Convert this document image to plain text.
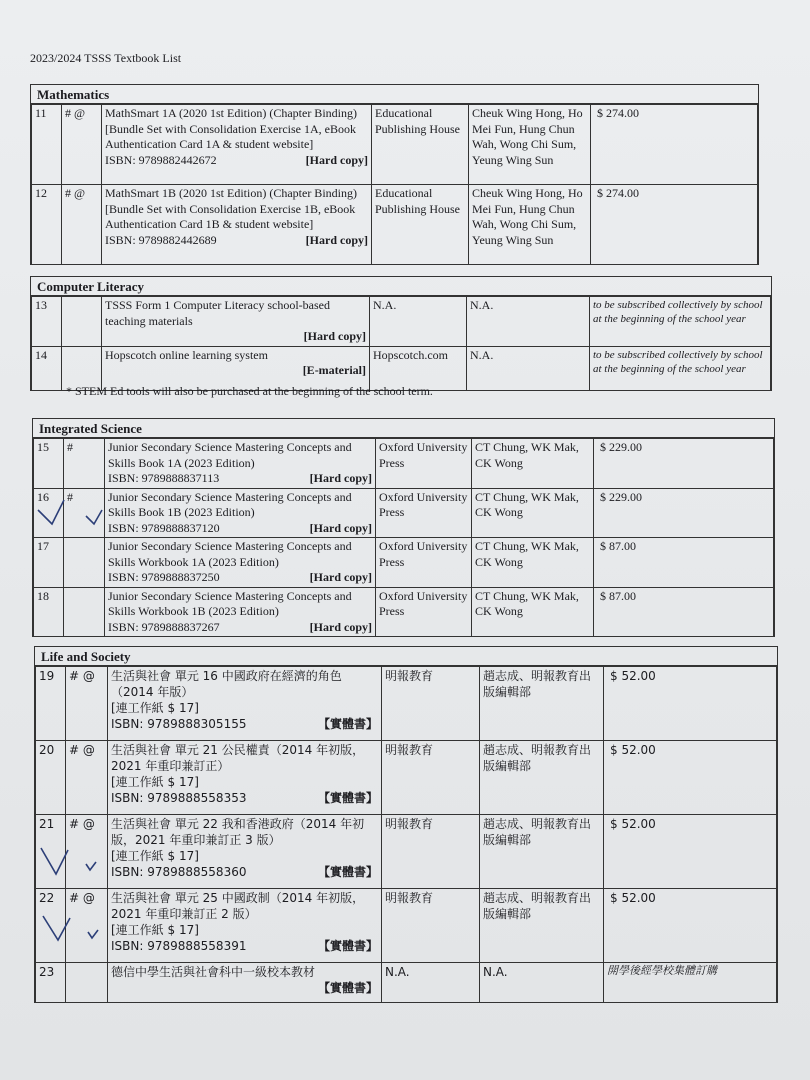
2023/2024 TSSS Textbook List
Mathematics
11	# @	MathSmart 1A (2020 1st Edition) (Chapter Binding) [Bundle Set with Consolidation Exercise 1A, eBook Authentication Card 1A & student website]
ISBN: 9789882442672 [Hard copy]	Educational Publishing House	Cheuk Wing Hong, Ho Mei Fun, Hung Chun Wah, Wong Chi Sum, Yeung Wing Sun	$ 274.00
12	# @	MathSmart 1B (2020 1st Edition) (Chapter Binding) [Bundle Set with Consolidation Exercise 1B, eBook Authentication Card 1B & student website]
ISBN: 9789882442689 [Hard copy]	Educational Publishing House	Cheuk Wing Hong, Ho Mei Fun, Hung Chun Wah, Wong Chi Sum, Yeung Wing Sun	$ 274.00
Computer Literacy
13		TSSS Form 1 Computer Literacy school-based teaching materials
[Hard copy]	N.A.	N.A.	to be subscribed collectively by school at the beginning of the school year
14		Hopscotch online learning system
[E-material]	Hopscotch.com	N.A.	to be subscribed collectively by school at the beginning of the school year
* STEM Ed tools will also be purchased at the beginning of the school term.
Integrated Science
15	#	Junior Secondary Science Mastering Concepts and Skills Book 1A (2023 Edition)
ISBN: 9789888837113 [Hard copy]	Oxford University Press	CT Chung, WK Mak, CK Wong	$ 229.00
16	#	Junior Secondary Science Mastering Concepts and Skills Book 1B (2023 Edition)
ISBN: 9789888837120 [Hard copy]	Oxford University Press	CT Chung, WK Mak, CK Wong	$ 229.00
17		Junior Secondary Science Mastering Concepts and Skills Workbook 1A (2023 Edition)
ISBN: 9789888837250 [Hard copy]	Oxford University Press	CT Chung, WK Mak, CK Wong	$ 87.00
18		Junior Secondary Science Mastering Concepts and Skills Workbook 1B (2023 Edition)
ISBN: 9789888837267 [Hard copy]	Oxford University Press	CT Chung, WK Mak, CK Wong	$ 87.00
Life and Society
19	# @	生活與社會 單元 16 中國政府在經濟的角色（2014 年版）
[連工作紙 $ 17]
ISBN: 9789888305155 【實體書】	明報教育	趙志成、明報教育出版編輯部	$ 52.00
20	# @	生活與社會 單元 21 公民權責（2014 年初版，2021 年重印兼訂正）
[連工作紙 $ 17]
ISBN: 9789888558353 【實體書】	明報教育	趙志成、明報教育出版編輯部	$ 52.00
21	# @	生活與社會 單元 22 我和香港政府（2014 年初版，2021 年重印兼訂正 3 版）
[連工作紙 $ 17]
ISBN: 9789888558360 【實體書】	明報教育	趙志成、明報教育出版編輯部	$ 52.00
22	# @	生活與社會 單元 25 中國政制（2014 年初版，2021 年重印兼訂正 2 版）
[連工作紙 $ 17]
ISBN: 9789888558391 【實體書】	明報教育	趙志成、明報教育出版編輯部	$ 52.00
23		德信中學生活與社會科中一級校本教材
【實體書】	N.A.	N.A.	開學後經學校集體訂購
